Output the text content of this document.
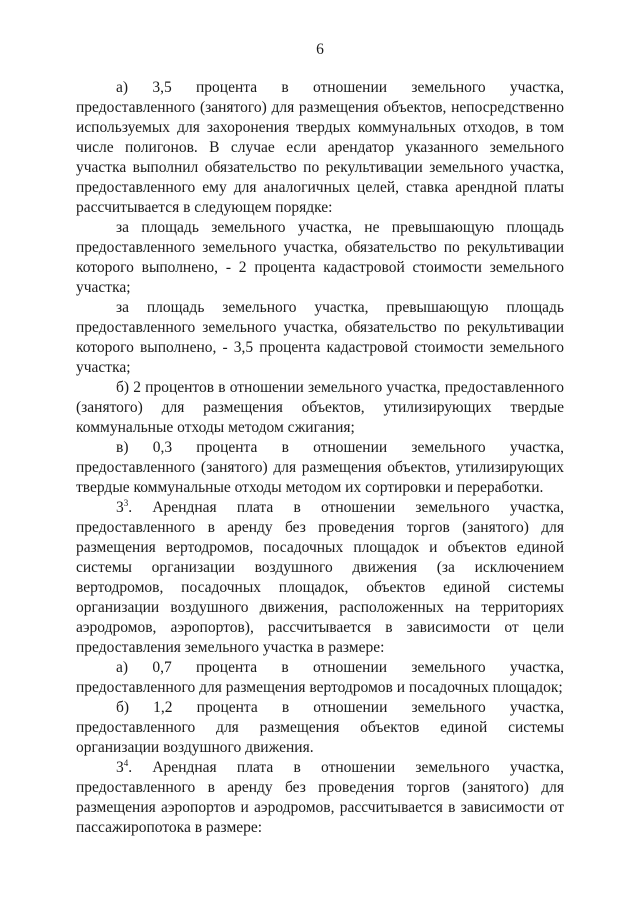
6

а) 3,5 процента в отношении земельного участка, предоставленного (занятого) для размещения объектов, непосредственно используемых для захоронения твердых коммунальных отходов, в том числе полигонов. В случае если арендатор указанного земельного участка выполнил обязательство по рекультивации земельного участка, предоставленного ему для аналогичных целей, ставка арендной платы рассчитывается в следующем порядке:

за площадь земельного участка, не превышающую площадь предоставленного земельного участка, обязательство по рекультивации которого выполнено, - 2 процента кадастровой стоимости земельного участка;

за площадь земельного участка, превышающую площадь предоставленного земельного участка, обязательство по рекультивации которого выполнено, - 3,5 процента кадастровой стоимости земельного участка;

б) 2 процентов в отношении земельного участка, предоставленного (занятого) для размещения объектов, утилизирующих твердые коммунальные отходы методом сжигания;

в) 0,3 процента в отношении земельного участка, предоставленного (занятого) для размещения объектов, утилизирующих твердые коммунальные отходы методом их сортировки и переработки.

$3^3$. Арендная плата в отношении земельного участка, предоставленного в аренду без проведения торгов (занятого) для размещения вертодромов, посадочных площадок и объектов единой системы организации воздушного движения (за исключением вертодромов, посадочных площадок, объектов единой системы организации воздушного движения, расположенных на территориях аэродромов, аэропортов), рассчитывается в зависимости от цели предоставления земельного участка в размере:

а) 0,7 процента в отношении земельного участка, предоставленного для размещения вертодромов и посадочных площадок;

б) 1,2 процента в отношении земельного участка, предоставленного для размещения объектов единой системы организации воздушного движения.

$3^4$. Арендная плата в отношении земельного участка, предоставленного в аренду без проведения торгов (занятого) для размещения аэропортов и аэродромов, рассчитывается в зависимости от пассажиропотока в размере:
